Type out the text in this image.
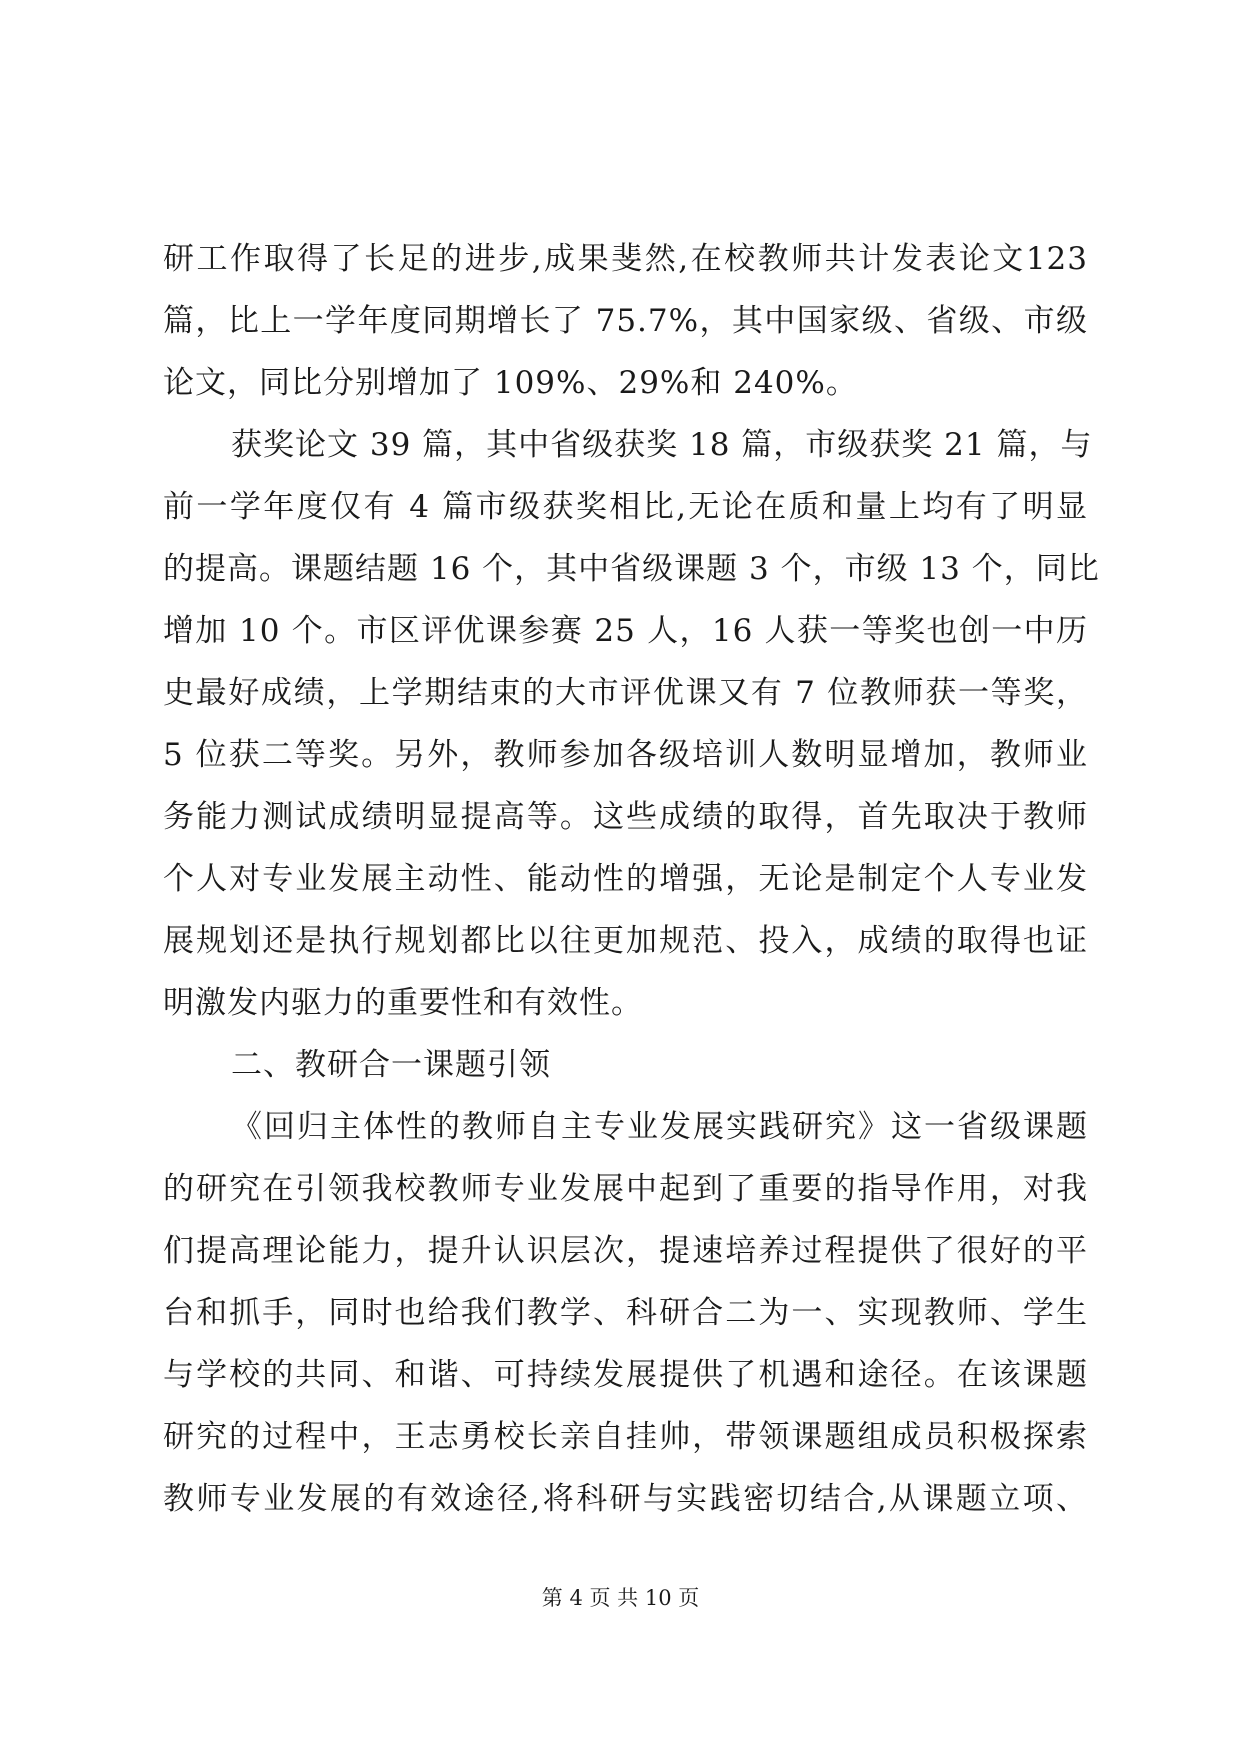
研工作取得了长足的进步,成果斐然,在校教师共计发表论文123
篇，比上一学年度同期增长了 75.7%，其中国家级、省级、市级
论文，同比分别增加了 109%、29%和 240%。
获奖论文 39 篇，其中省级获奖 18 篇，市级获奖 21 篇，与
前一学年度仅有 4 篇市级获奖相比,无论在质和量上均有了明显
的提高。课题结题 16 个，其中省级课题 3 个，市级 13 个，同比
增加 10 个。市区评优课参赛 25 人，16 人获一等奖也创一中历
史最好成绩，上学期结束的大市评优课又有 7 位教师获一等奖，
5 位获二等奖。另外，教师参加各级培训人数明显增加，教师业
务能力测试成绩明显提高等。这些成绩的取得，首先取决于教师
个人对专业发展主动性、能动性的增强，无论是制定个人专业发
展规划还是执行规划都比以往更加规范、投入，成绩的取得也证
明激发内驱力的重要性和有效性。
二、教研合一课题引领
《回归主体性的教师自主专业发展实践研究》这一省级课题
的研究在引领我校教师专业发展中起到了重要的指导作用，对我
们提高理论能力，提升认识层次，提速培养过程提供了很好的平
台和抓手，同时也给我们教学、科研合二为一、实现教师、学生
与学校的共同、和谐、可持续发展提供了机遇和途径。在该课题
研究的过程中，王志勇校长亲自挂帅，带领课题组成员积极探索
教师专业发展的有效途径,将科研与实践密切结合,从课题立项、
第 4 页 共 10 页
